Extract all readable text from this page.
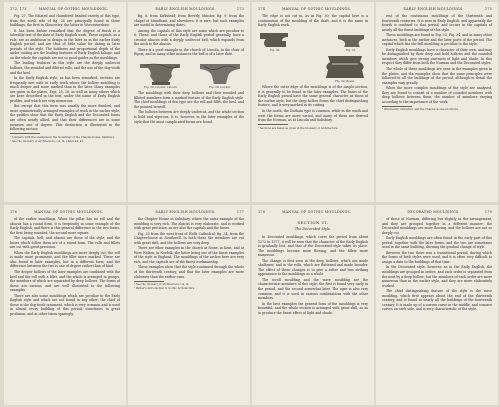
172, 173	MANUAL OF GOTHIC MOULDINGS.

Fig. 27. The foliated and chamfered beaded variety of this type, from the north side of fig. 26 are principally found in these buildings, the first in Gloucester, the latter in Worcestershire.

It has been before remarked that the degree of finish is a tolerable test of the date of Early English work. These capitals, as a rule, are as ambitious in design in the later as in the earlier Early English period, and are thus of little value for dating in later periods of the style. The boldness and proportional depth of the under cutting are the leading features of Early English foliage, and on the whole the capitals are not so good guides as the mouldings.

The leading features in this style are the deeply undercut hollows, the rounded and filleted rolls, and the use of the dog-tooth and the keel.

In the Early English style, as has been remarked, sections are frequently met with in early work where the hollow moulding is much deeper and more marked than in the later. Many examples are given in the plates, Figs. 25, 26, as well as many others which are here described in the text, under the name of Early English profiles, and which are very numerous.

But except that this form was usually the more finished, and more symmetrically arranged examples of work in the earlier style, the profiles show that the Early English and the Decorated forms are often nearly allied, and that their differences are in some measure one of degree. This distinction is illustrated in the following section.

¹ Compare with the examples in the mouldings of the Chapter-house, Salisbury.

² See the Glossary of Architecture, vol. iii, plates 44, 45.

EARLY ENGLISH MOULDINGS.	173

fig. 8, from Kirkstead; from Beverly Minster, fig. 9; from the chapel at Mundham, and elsewhere, it is rare, but such examples are useful in determining dates.

Among the capitals of this style are some which are peculiar to it. These, and those of the Early English period generally, have a circular abacus with a deeply undercut bell, which expands from the neck to the abacus.

There is a good example in the church of Lincoln, in the choir of Ripon; and in many other instances the bell is of a later date.

Fig. 28. Capital, Lincoln.	Fig. 29. Capital.

The mouldings with their deep hollows and their rounded and filleted members form a marked feature of the Early English style. The chief mouldings of this type are the roll and fillet, the keel, and the pointed bowtell.

The hollows between are deeply undercut, and the whole section is bold and vigorous. It is, however, in the later examples of the style that the most complicated forms are found.

174	MANUAL OF GOTHIC MOULDINGS.

The edge is not cut in, as in Fig. 30; the capital here is a continuation of the moulding of the shaft, and it is the same in Early English work.

Fig. 30.	Fig. 31.
Fig. 32. Bases.

Where the outer edge of the mouldings is of the simple section, it is generally to be found in the later examples. The bases of the Early English period have the same general character as those of the earlier style, but the deep hollow forms the chief distinguishing feature, and is very marked in its cutting.

In the north, the Durham type is common, while in the south and west the forms are more varied, and many of them are derived from the Norman, as at Lincoln and Salisbury.

¹ Sections are taken as given in the Glossary of Architecture.

EARLY ENGLISH MOULDINGS.	175

rest of the continuous mouldings of the thirteenth and fourteenth centuries. It is seen in Early English, and apparently the fourth is confined to that period, and occurs in the capitals of nearly all the finest buildings of this style.

These mouldings are found in Fig. 33, Fig. 34, and in many other instances, both in the earlier and the later parts of the period. The capital which has the bell moulding is peculiar to the style.

Early English mouldings have a character of their own, and may be distinguished by their deep and bold hollows and the rounded members which give strong contrasts of light and shade. In this respect they differ from both the Norman and the Decorated styles.

The whole of these mouldings are seen in the examples given in the plates, and the examples show that the same principles were followed in all the buildings of the period, although in detail the examples vary greatly.

When the more complex mouldings of the style are analysed, they are found to consist of a number of rounded members with deep hollows between them, the number of members varying according to the importance of the work.

¹ Winchester Cathedral, and the Chapter-house at Oxford.

176	MANUAL OF GOTHIC MOULDINGS.

of the earlier mouldings. When the pillar has no roll and the abacus has a round form, it is frequently in some example of the Early English, and there is this general difference in the two forms, the first being rounded, the second more square.

The capitals, bell, and abacus are those of the style; and the bases which follow them are of a round form. The rolls and fillets are cut with great precision.

When the Early English mouldings are more deeply cut, the roll is made more prominent, and the fillet more marked. These are also found in later examples, but in a different form, and the difference between the two is one of degree rather than of kind.

The deeper hollows of the later examples are combined with the keel and the roll with a fillet, and the whole is arranged in groups, the members of which are separated by deep hollows. The forms of these are various, and are well illustrated in the following examples.

There are also some mouldings which are peculiar to the Early English style and which are not found in any other; the chief of these is the dog-tooth ornament, which is very common and is used in almost every building of this period, sometimes in great profusion, and at other times sparingly.

EARLY ENGLISH MOULDINGS.	177

the Chapter House at Salisbury, where the outer example of the moulding is very rich. The abacus is very elaborate, and is worked with great precision, as are also the capitals and the bases.

Fig. 33 from the west front of Wells Cathedral; fig. 34, from the Chapter-house at Southwell. In both these the members are cut with great skill, and the hollows are very deep.

There are other examples in the church at Stone, in Kent, and at West Walton, in Norfolk, the latter being one of the finest examples of the style in England. The mouldings of the arches here are very rich, and the capitals are of the finest workmanship.

These examples show that the style continued through the whole of the thirteenth century, and that the later examples are more elaborate than the earlier ones.

¹ See the Glossary of Architecture, vol. iii.

² Parker's Introduction to Gothic Architecture.

178	MANUAL OF GOTHIC MOULDINGS.
SECTION VI.
The Decorated Style.

In Decorated mouldings, which cover the period from about 1272 to 1377, it will be seen that the character of the Early English is gradually lost, and that of the Decorated style takes its place. The mouldings become more flowing, and the fillets more numerous.

The change is first seen in the deep hollows, which are made shallower, and in the rolls, which are flattened and made broader. The effect of these changes is to give a softer and less striking appearance to the mouldings as a whole.

The scroll moulding and the wave moulding are the characteristic members of this style; the first is found very early in the period, and the second somewhat later. The ogee is also very common, and it is used in various combinations with the other members.

In the best examples the general form of the mouldings is very beautiful, and the whole section is arranged with great skill, so as to produce the finest effect of light and shade.

DECORATED MOULDINGS.	179

of those of Norman, differing but slightly in the arrangement, and they are grouped together in a different manner; the Decorated mouldings are more flowing, and the hollows are not so deeply cut.

Early English mouldings are often found in the early part of this period, together with the later forms, and the two are sometimes used in the same building, showing the gradual change of style.

Between the two there was a transitional period, during which the forms of both styles were used, and it is often very difficult to assign a date to the buildings of that time.

In the Decorated style, however, as in the Early English, the mouldings are grouped in orders, and each order is separated from the next by a deep hollow; but the members of each order are more numerous than in the earlier style, and they are more elaborately worked.

The chief distinguishing feature of the style is the wave moulding, which first appears about the end of the thirteenth century, and is found in nearly all the buildings of the fourteenth century. It is made up of a convex curve in the middle, and concave curves on each side, and is very characteristic of the style.
